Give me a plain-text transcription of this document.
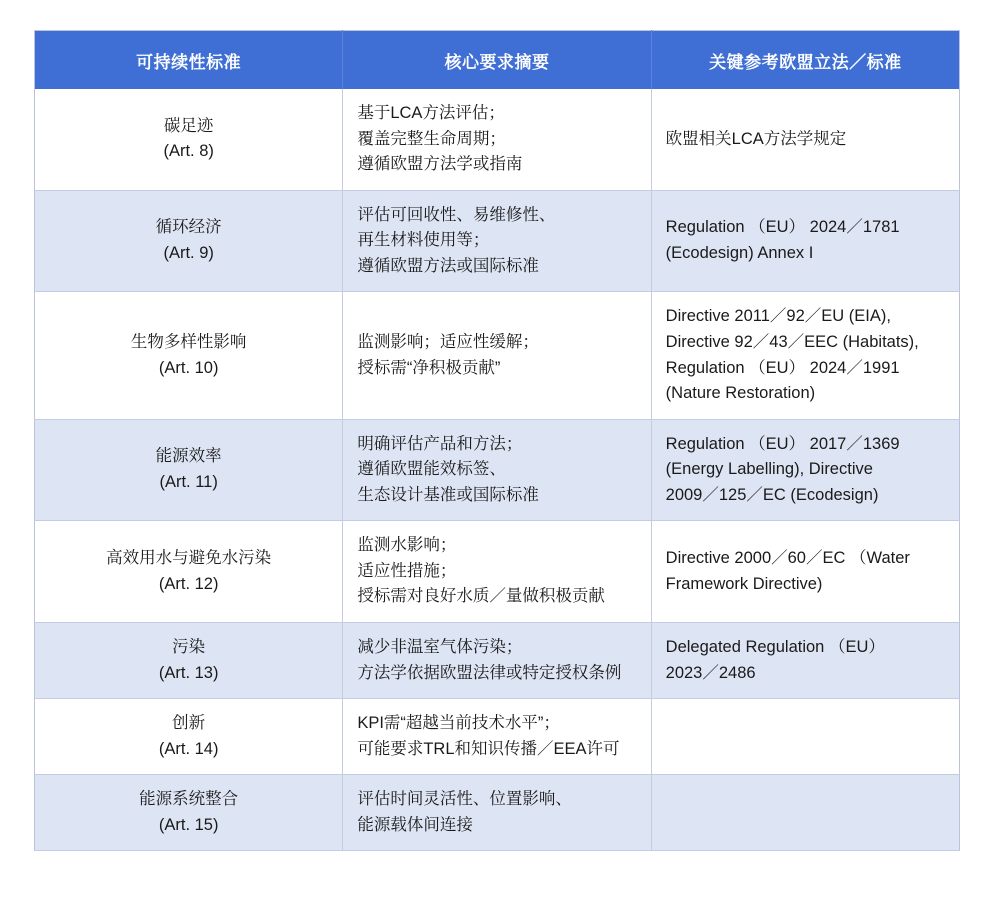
可持续性标准	核心要求摘要	关键参考欧盟立法／标准

碳足迹
(Art. 8)	基于LCA方法评估；
覆盖完整生命周期；
遵循欧盟方法学或指南	欧盟相关LCA方法学规定

循环经济
(Art. 9)	评估可回收性、易维修性、
再生材料使用等；
遵循欧盟方法或国际标准	Regulation （EU） 2024／1781
(Ecodesign) Annex I

生物多样性影响
(Art. 10)	监测影响；适应性缓解；
授标需“净积极贡献”	Directive 2011／92／EU (EIA),
Directive 92／43／EEC (Habitats),
Regulation （EU） 2024／1991
(Nature Restoration)

能源效率
(Art. 11)	明确评估产品和方法；
遵循欧盟能效标签、
生态设计基准或国际标准	Regulation （EU） 2017／1369
(Energy Labelling), Directive
2009／125／EC (Ecodesign)

高效用水与避免水污染
(Art. 12)	监测水影响；
适应性措施；
授标需对良好水质／量做积极贡献	Directive 2000／60／EC （Water
Framework Directive)

污染
(Art. 13)	减少非温室气体污染；
方法学依据欧盟法律或特定授权条例	Delegated Regulation （EU）
2023／2486

创新
(Art. 14)	KPI需“超越当前技术水平”；
可能要求TRL和知识传播／EEA许可	

能源系统整合
(Art. 15)	评估时间灵活性、位置影响、
能源载体间连接	
